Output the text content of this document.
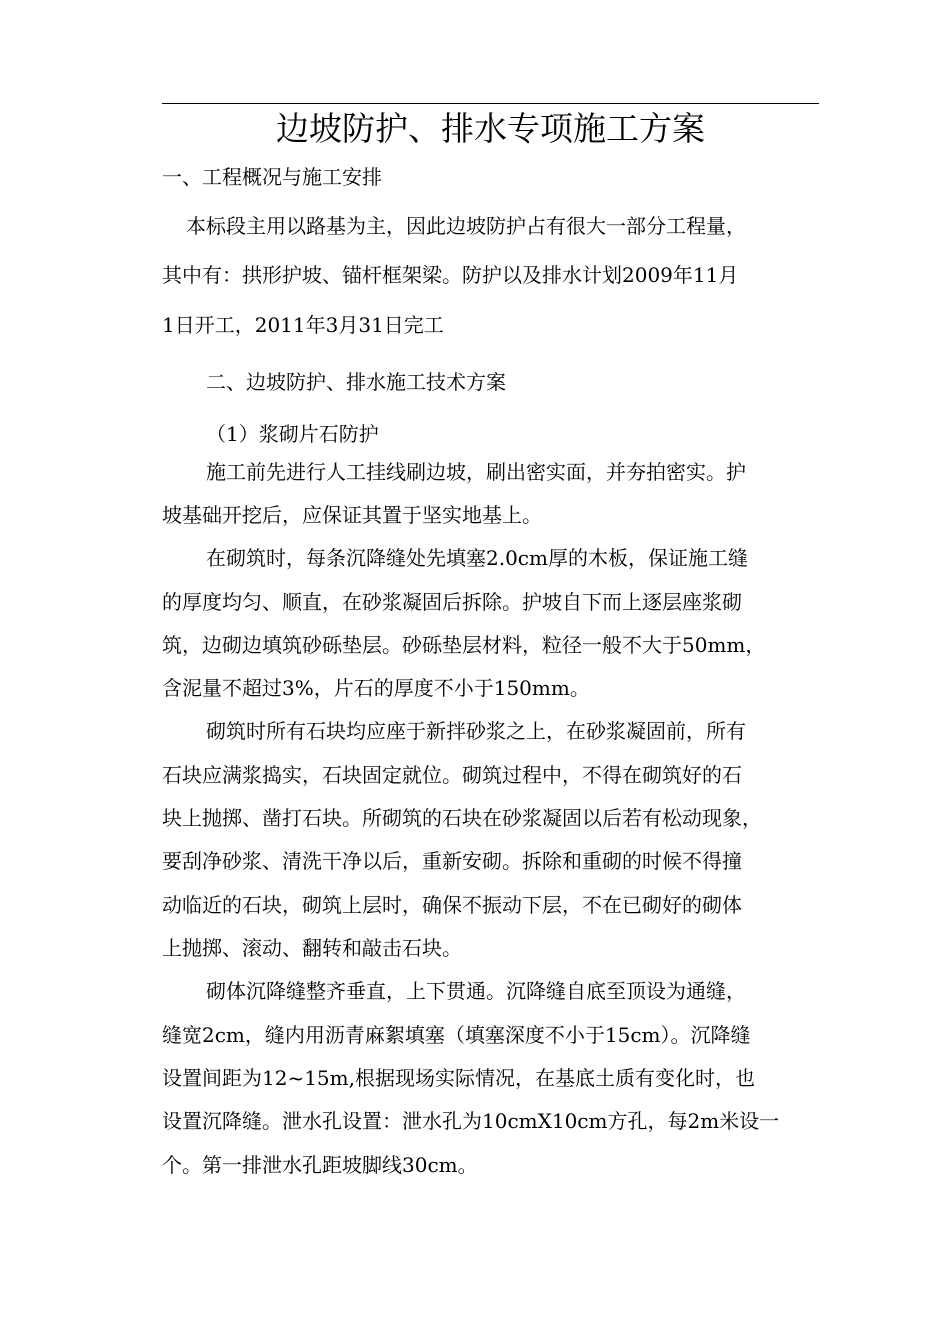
边坡防护、排水专项施工方案
一、工程概况与施工安排
本标段主用以路基为主，因此边坡防护占有很大一部分工程量，
其中有：拱形护坡、锚杆框架梁。防护以及排水计划2009年11月
1日开工，2011年3月31日完工
二、边坡防护、排水施工技术方案
（1）浆砌片石防护
施工前先进行人工挂线刷边坡，刷出密实面，并夯拍密实。护
坡基础开挖后，应保证其置于坚实地基上。
在砌筑时，每条沉降缝处先填塞2.0cm厚的木板，保证施工缝
的厚度均匀、顺直，在砂浆凝固后拆除。护坡自下而上逐层座浆砌
筑，边砌边填筑砂砾垫层。砂砾垫层材料，粒径一般不大于50mm，
含泥量不超过3%，片石的厚度不小于150mm。
砌筑时所有石块均应座于新拌砂浆之上，在砂浆凝固前，所有
石块应满浆捣实，石块固定就位。砌筑过程中，不得在砌筑好的石
块上抛掷、凿打石块。所砌筑的石块在砂浆凝固以后若有松动现象，
要刮净砂浆、清洗干净以后，重新安砌。拆除和重砌的时候不得撞
动临近的石块，砌筑上层时，确保不振动下层，不在已砌好的砌体
上抛掷、滚动、翻转和敲击石块。
砌体沉降缝整齐垂直，上下贯通。沉降缝自底至顶设为通缝，
缝宽2cm，缝内用沥青麻絮填塞（填塞深度不小于15cm）。沉降缝
设置间距为12~15m,根据现场实际情况，在基底土质有变化时，也
设置沉降缝。泄水孔设置：泄水孔为10cmX10cm方孔，每2m米设一
个。第一排泄水孔距坡脚线30cm。
